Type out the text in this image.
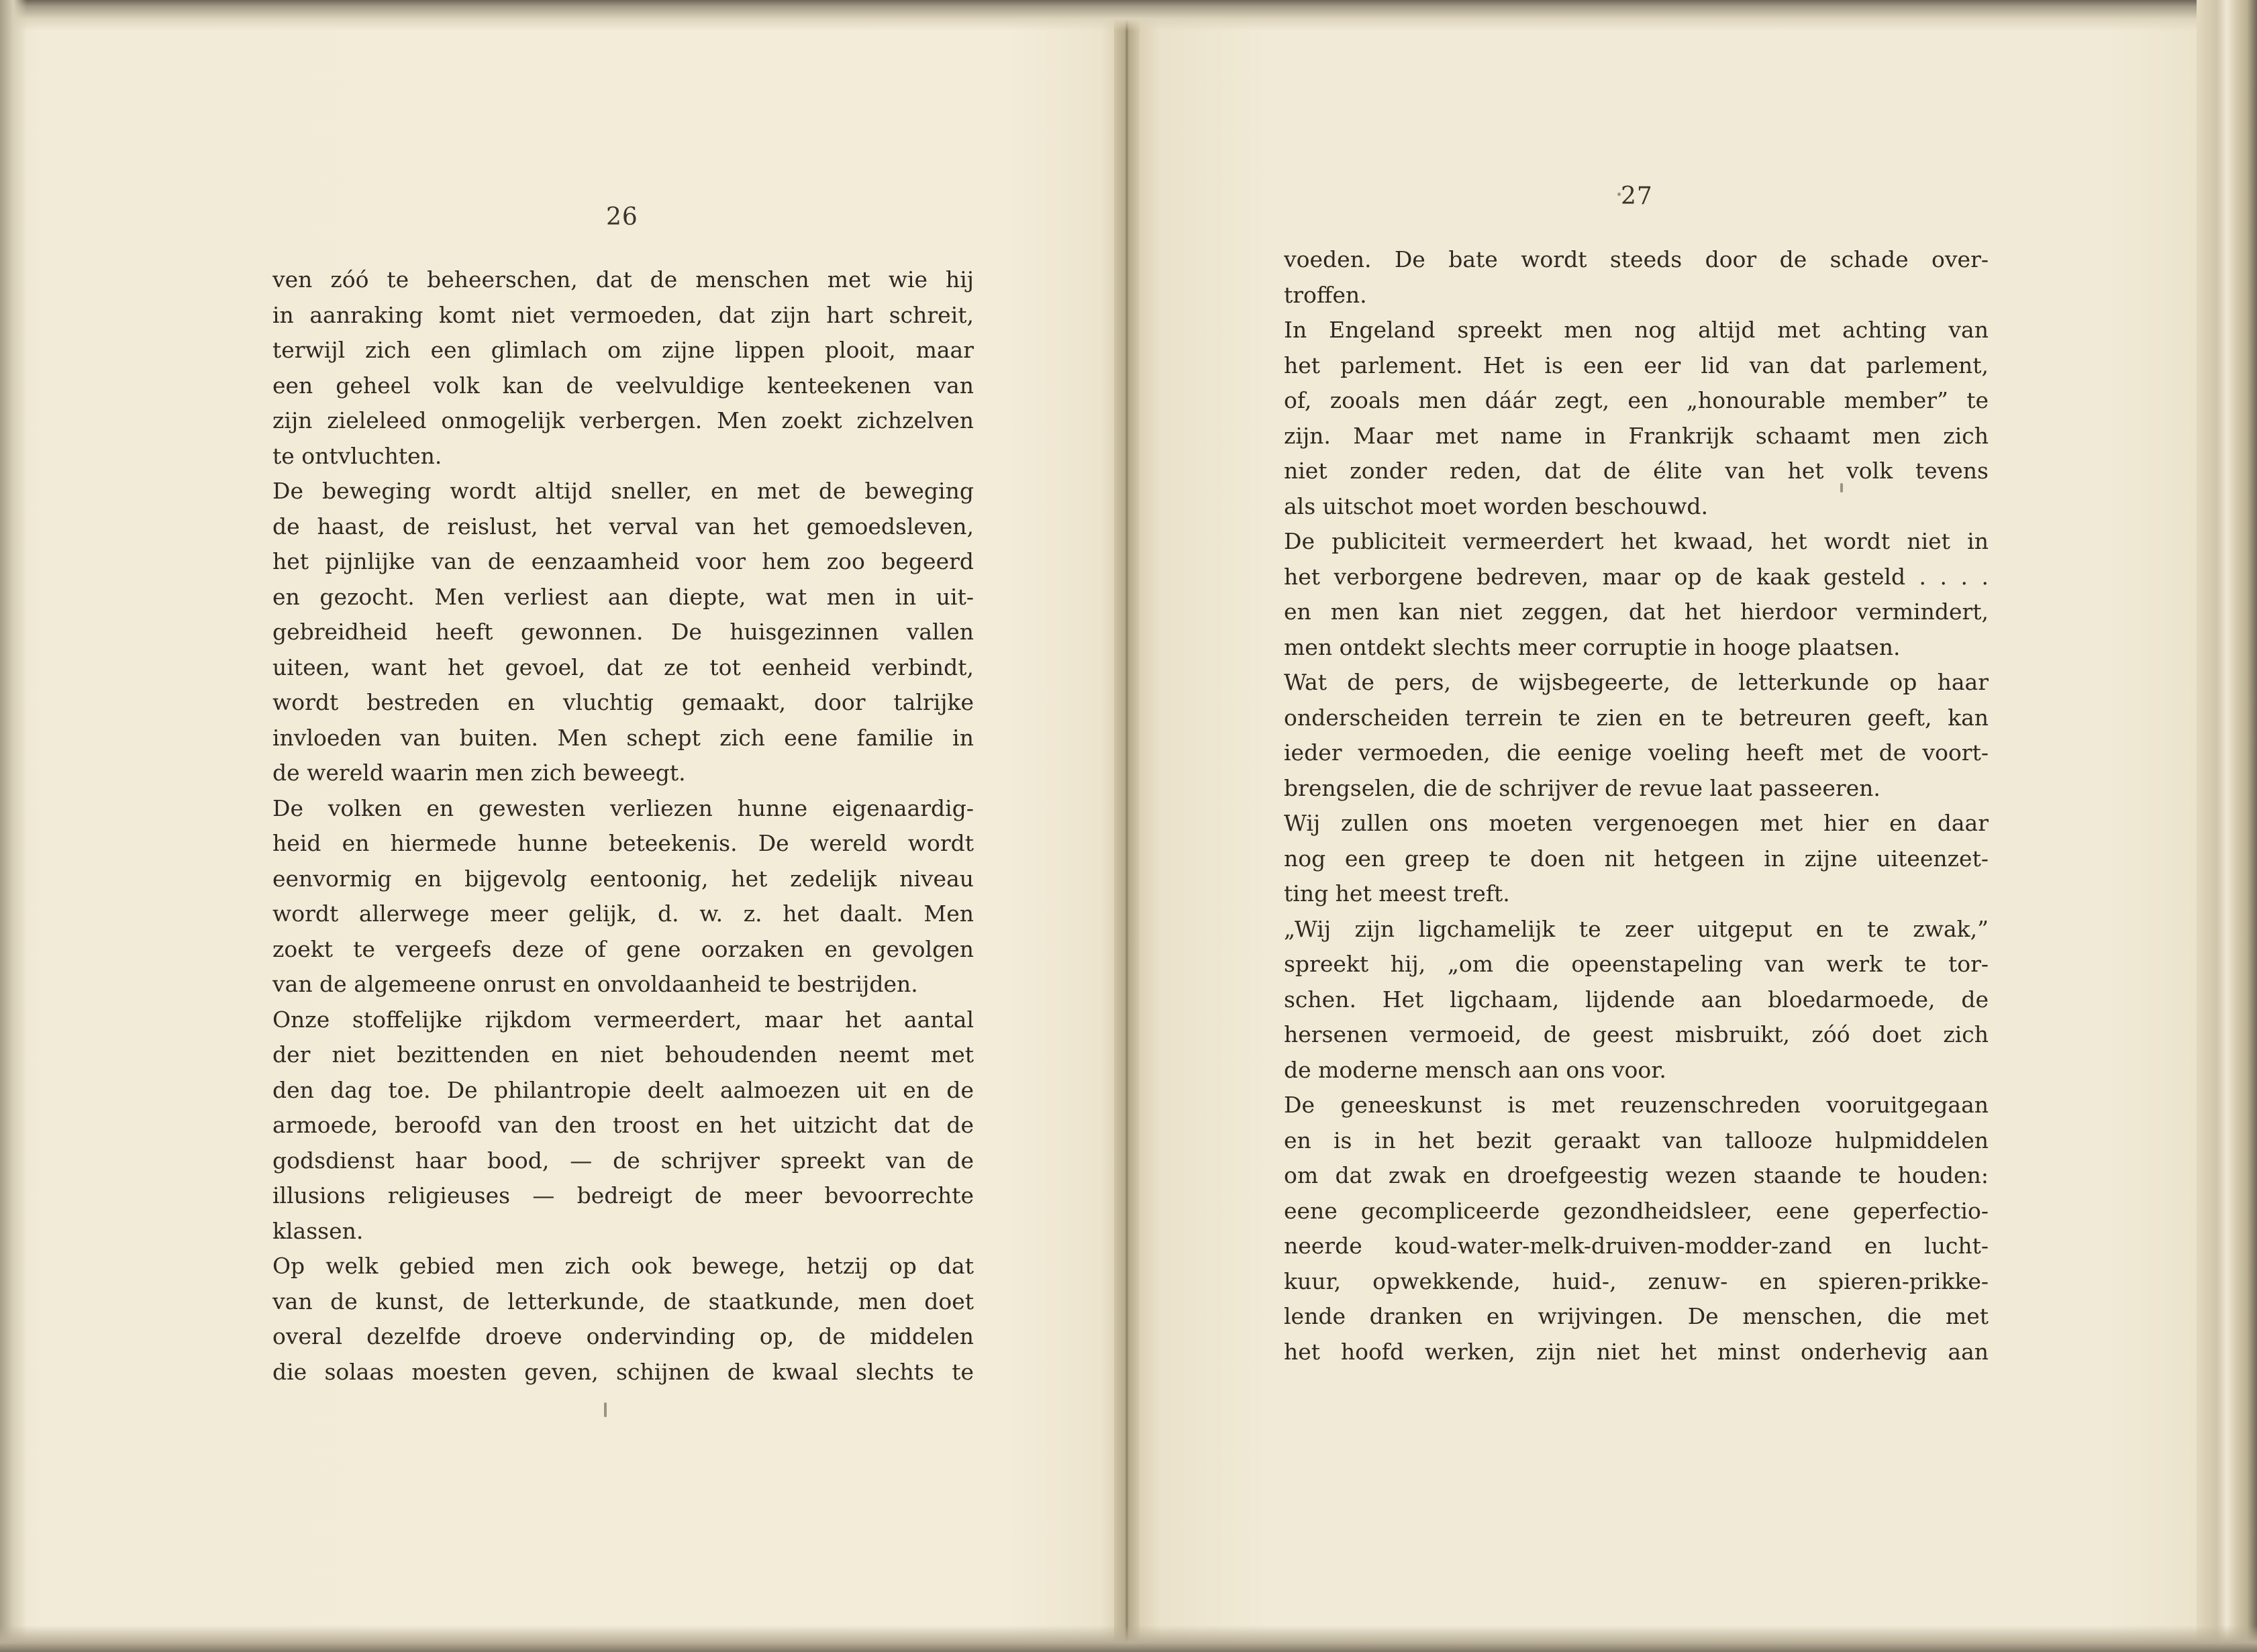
26
ven zóó te beheerschen, dat de menschen met wie hij
in aanraking komt niet vermoeden, dat zijn hart schreit,
terwijl zich een glimlach om zijne lippen plooit, maar
een geheel volk kan de veelvuldige kenteekenen van
zijn zieleleed onmogelijk verbergen. Men zoekt zichzelven
te ontvluchten.
De beweging wordt altijd sneller, en met de beweging
de haast, de reislust, het verval van het gemoedsleven,
het pijnlijke van de eenzaamheid voor hem zoo begeerd
en gezocht. Men verliest aan diepte, wat men in uit-
gebreidheid heeft gewonnen. De huisgezinnen vallen
uiteen, want het gevoel, dat ze tot eenheid verbindt,
wordt bestreden en vluchtig gemaakt, door talrijke
invloeden van buiten. Men schept zich eene familie in
de wereld waarin men zich beweegt.
De volken en gewesten verliezen hunne eigenaardig-
heid en hiermede hunne beteekenis. De wereld wordt
eenvormig en bijgevolg eentoonig, het zedelijk niveau
wordt allerwege meer gelijk, d. w. z. het daalt. Men
zoekt te vergeefs deze of gene oorzaken en gevolgen
van de algemeene onrust en onvoldaanheid te bestrijden.
Onze stoffelijke rijkdom vermeerdert, maar het aantal
der niet bezittenden en niet behoudenden neemt met
den dag toe. De philantropie deelt aalmoezen uit en de
armoede, beroofd van den troost en het uitzicht dat de
godsdienst haar bood, — de schrijver spreekt van de
illusions religieuses — bedreigt de meer bevoorrechte
klassen.
Op welk gebied men zich ook bewege, hetzij op dat
van de kunst, de letterkunde, de staatkunde, men doet
overal dezelfde droeve ondervinding op, de middelen
die solaas moesten geven, schijnen de kwaal slechts te
27
voeden. De bate wordt steeds door de schade over-
troffen.
In Engeland spreekt men nog altijd met achting van
het parlement. Het is een eer lid van dat parlement,
of, zooals men dáár zegt, een „honourable member” te
zijn. Maar met name in Frankrijk schaamt men zich
niet zonder reden, dat de élite van het volk tevens
als uitschot moet worden beschouwd.
De publiciteit vermeerdert het kwaad, het wordt niet in
het verborgene bedreven, maar op de kaak gesteld . . . .
en men kan niet zeggen, dat het hierdoor vermindert,
men ontdekt slechts meer corruptie in hooge plaatsen.
Wat de pers, de wijsbegeerte, de letterkunde op haar
onderscheiden terrein te zien en te betreuren geeft, kan
ieder vermoeden, die eenige voeling heeft met de voort-
brengselen, die de schrijver de revue laat passeeren.
Wij zullen ons moeten vergenoegen met hier en daar
nog een greep te doen nit hetgeen in zijne uiteenzet-
ting het meest treft.
„Wij zijn ligchamelijk te zeer uitgeput en te zwak,”
spreekt hij, „om die opeenstapeling van werk te tor-
schen. Het ligchaam, lijdende aan bloedarmoede, de
hersenen vermoeid, de geest misbruikt, zóó doet zich
de moderne mensch aan ons voor.
De geneeskunst is met reuzenschreden vooruitgegaan
en is in het bezit geraakt van tallooze hulpmiddelen
om dat zwak en droefgeestig wezen staande te houden:
eene gecompliceerde gezondheidsleer, eene geperfectio-
neerde koud-water-melk-druiven-modder-zand en lucht-
kuur, opwekkende, huid-, zenuw- en spieren-prikke-
lende dranken en wrijvingen. De menschen, die met
het hoofd werken, zijn niet het minst onderhevig aan
